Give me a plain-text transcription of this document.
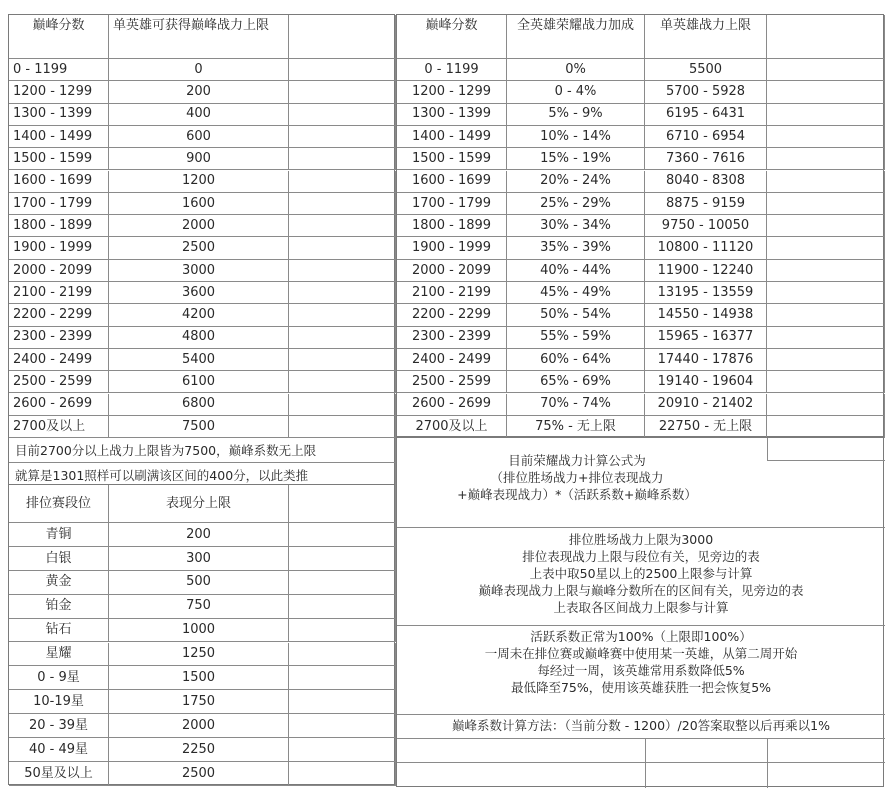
巅峰分数	单英雄可获得巅峰战力上限
0 - 1199	0
1200 - 1299	200
1300 - 1399	400
1400 - 1499	600
1500 - 1599	900
1600 - 1699	1200
1700 - 1799	1600
1800 - 1899	2000
1900 - 1999	2500
2000 - 2099	3000
2100 - 2199	3600
2200 - 2299	4200
2300 - 2399	4800
2400 - 2499	5400
2500 - 2599	6100
2600 - 2699	6800
2700及以上	7500
目前2700分以上战力上限皆为7500，巅峰系数无上限
就算是1301照样可以刷满该区间的400分，以此类推
排位赛段位	表现分上限
青铜	200
白银	300
黄金	500
铂金	750
钻石	1000
星耀	1250
0 - 9星	1500
10-19星	1750
20 - 39星	2000
40 - 49星	2250
50星及以上	2500
巅峰分数	全英雄荣耀战力加成	单英雄战力上限
0 - 1199	0%	5500
1200 - 1299	0 - 4%	5700 - 5928
1300 - 1399	5% - 9%	6195 - 6431
1400 - 1499	10% - 14%	6710 - 6954
1500 - 1599	15% - 19%	7360 - 7616
1600 - 1699	20% - 24%	8040 - 8308
1700 - 1799	25% - 29%	8875 - 9159
1800 - 1899	30% - 34%	9750 - 10050
1900 - 1999	35% - 39%	10800 - 11120
2000 - 2099	40% - 44%	11900 - 12240
2100 - 2199	45% - 49%	13195 - 13559
2200 - 2299	50% - 54%	14550 - 14938
2300 - 2399	55% - 59%	15965 - 16377
2400 - 2499	60% - 64%	17440 - 17876
2500 - 2599	65% - 69%	19140 - 19604
2600 - 2699	70% - 74%	20910 - 21402
2700及以上	75% - 无上限	22750 - 无上限
目前荣耀战力计算公式为
（排位胜场战力+排位表现战力
+巅峰表现战力）*（活跃系数+巅峰系数）
排位胜场战力上限为3000
排位表现战力上限与段位有关，见旁边的表
上表中取50星以上的2500上限参与计算
巅峰表现战力上限与巅峰分数所在的区间有关，见旁边的表
上表取各区间战力上限参与计算
活跃系数正常为100%（上限即100%）
一周未在排位赛或巅峰赛中使用某一英雄，从第二周开始
每经过一周，该英雄常用系数降低5%
最低降至75%，使用该英雄获胜一把会恢复5%
巅峰系数计算方法：（当前分数 - 1200）/20答案取整以后再乘以1%
